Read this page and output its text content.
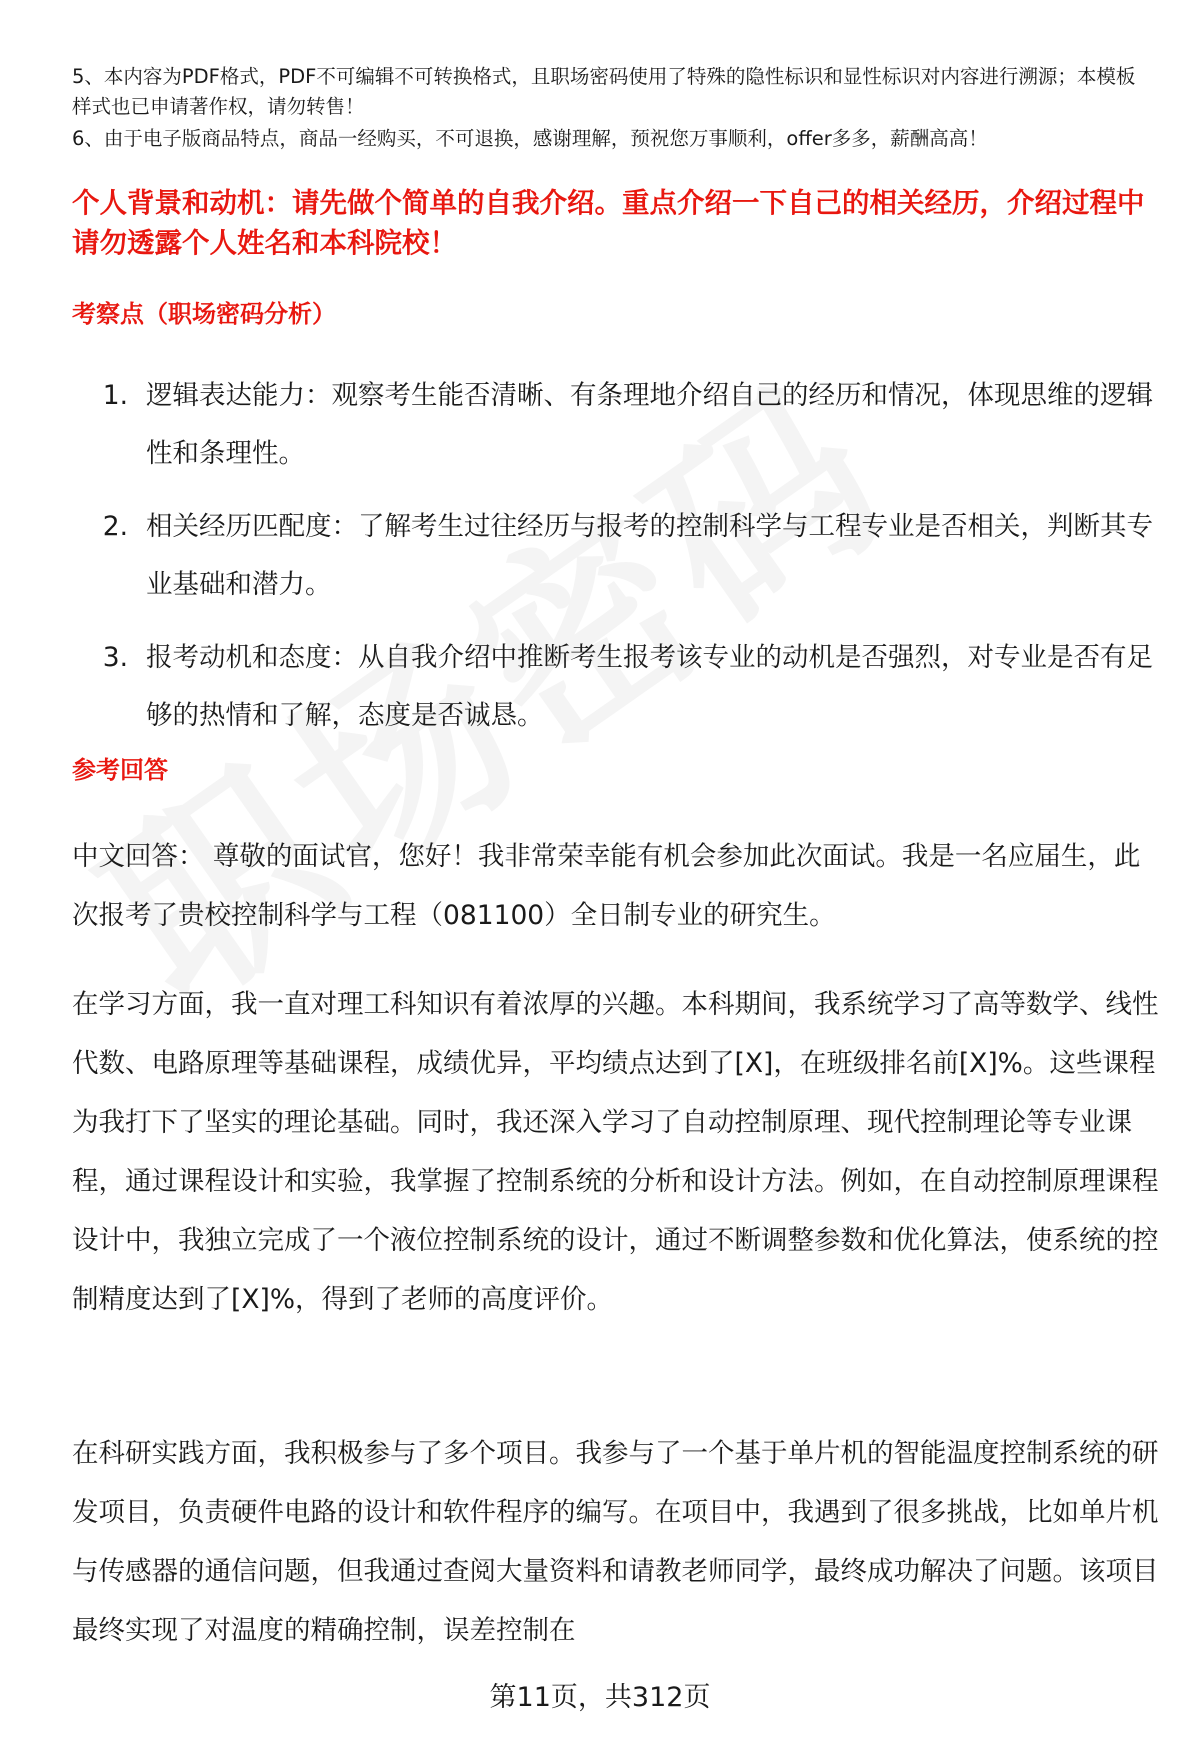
5、本内容为PDF格式，PDF不可编辑不可转换格式，且职场密码使用了特殊的隐性标识和显性标识对内容进行溯源；本模板样式也已申请著作权，请勿转售！

6、由于电子版商品特点，商品一经购买，不可退换，感谢理解，预祝您万事顺利，offer多多，薪酬高高！

个人背景和动机：请先做个简单的自我介绍。重点介绍一下自己的相关经历，介绍过程中请勿透露个人姓名和本科院校！

考察点（职场密码分析）

1. 逻辑表达能力：观察考生能否清晰、有条理地介绍自己的经历和情况，体现思维的逻辑性和条理性。
2. 相关经历匹配度：了解考生过往经历与报考的控制科学与工程专业是否相关，判断其专业基础和潜力。
3. 报考动机和态度：从自我介绍中推断考生报考该专业的动机是否强烈，对专业是否有足够的热情和了解，态度是否诚恳。

参考回答

中文回答： 尊敬的面试官，您好！我非常荣幸能有机会参加此次面试。我是一名应届生，此次报考了贵校控制科学与工程（081100）全日制专业的研究生。

在学习方面，我一直对理工科知识有着浓厚的兴趣。本科期间，我系统学习了高等数学、线性代数、电路原理等基础课程，成绩优异，平均绩点达到了[X]，在班级排名前[X]%。这些课程为我打下了坚实的理论基础。同时，我还深入学习了自动控制原理、现代控制理论等专业课程，通过课程设计和实验，我掌握了控制系统的分析和设计方法。例如，在自动控制原理课程设计中，我独立完成了一个液位控制系统的设计，通过不断调整参数和优化算法，使系统的控制精度达到了[X]%，得到了老师的高度评价。

在科研实践方面，我积极参与了多个项目。我参与了一个基于单片机的智能温度控制系统的研发项目，负责硬件电路的设计和软件程序的编写。在项目中，我遇到了很多挑战，比如单片机与传感器的通信问题，但我通过查阅大量资料和请教老师同学，最终成功解决了问题。该项目最终实现了对温度的精确控制，误差控制在

第11页，共312页
